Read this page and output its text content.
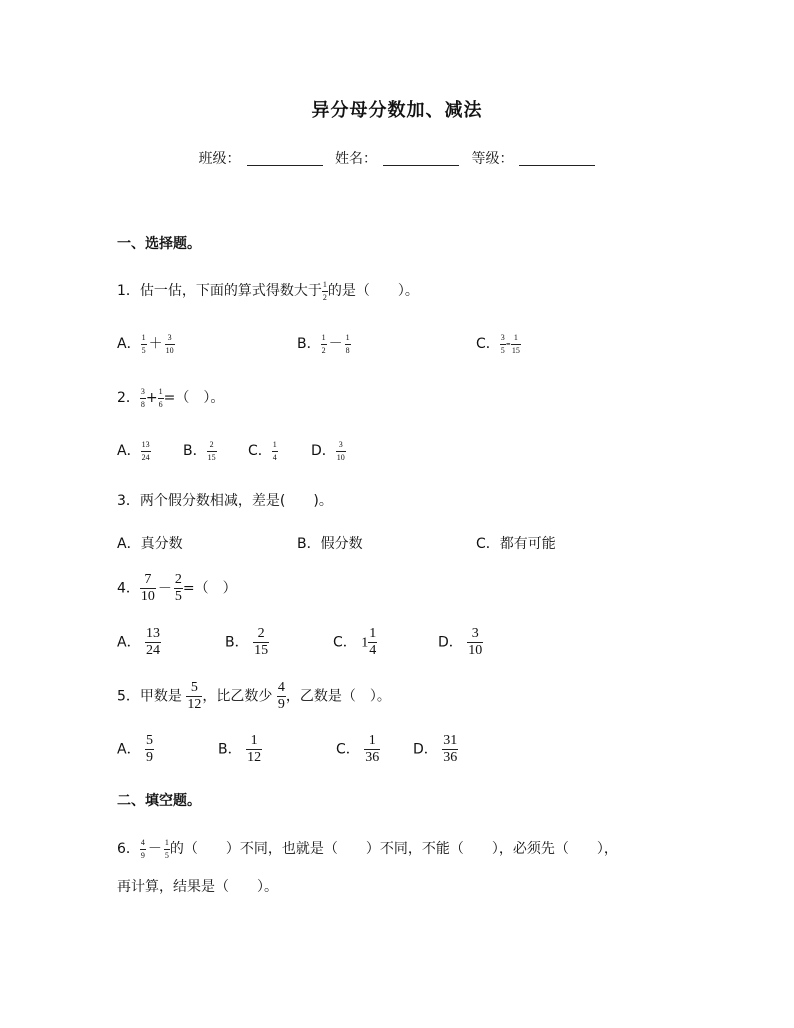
异分母分数加、减法
班级：	姓名：	等级：
一、选择题。
1．估一估，下面的算式得数大于 $\frac{1}{2}$ 的是（　　）。
A． $\frac{1}{5} + \frac{3}{10}$	B． $\frac{1}{2} - \frac{1}{8}$	C． $\frac{3}{5} - \frac{1}{15}$
2． $\frac{3}{8} + \frac{1}{6}$ =（　）。
A． $\frac{13}{24}$ B． $\frac{2}{15}$ C． $\frac{1}{4}$ D． $\frac{3}{10}$
3．两个假分数相减，差是(　　)。
A．真分数	B．假分数	C．都有可能
4． $\frac{7}{10} - \frac{2}{5}$ =（　）
A． $\frac{13}{24}$	B． $\frac{2}{15}$	C． $1 \frac{1}{4}$	D． $\frac{3}{10}$
5．甲数是 $\frac{5}{12}$ ，比乙数少 $\frac{4}{9}$ ，乙数是（　）。
A． $\frac{5}{9}$	B． $\frac{1}{12}$	C． $\frac{1}{36}$ D． $\frac{31}{36}$
二、填空题。
6． $\frac{4}{9} - \frac{1}{5}$ 的（　　）不同，也就是（　　）不同，不能（　　），必须先（　　），
再计算，结果是（　　）。
